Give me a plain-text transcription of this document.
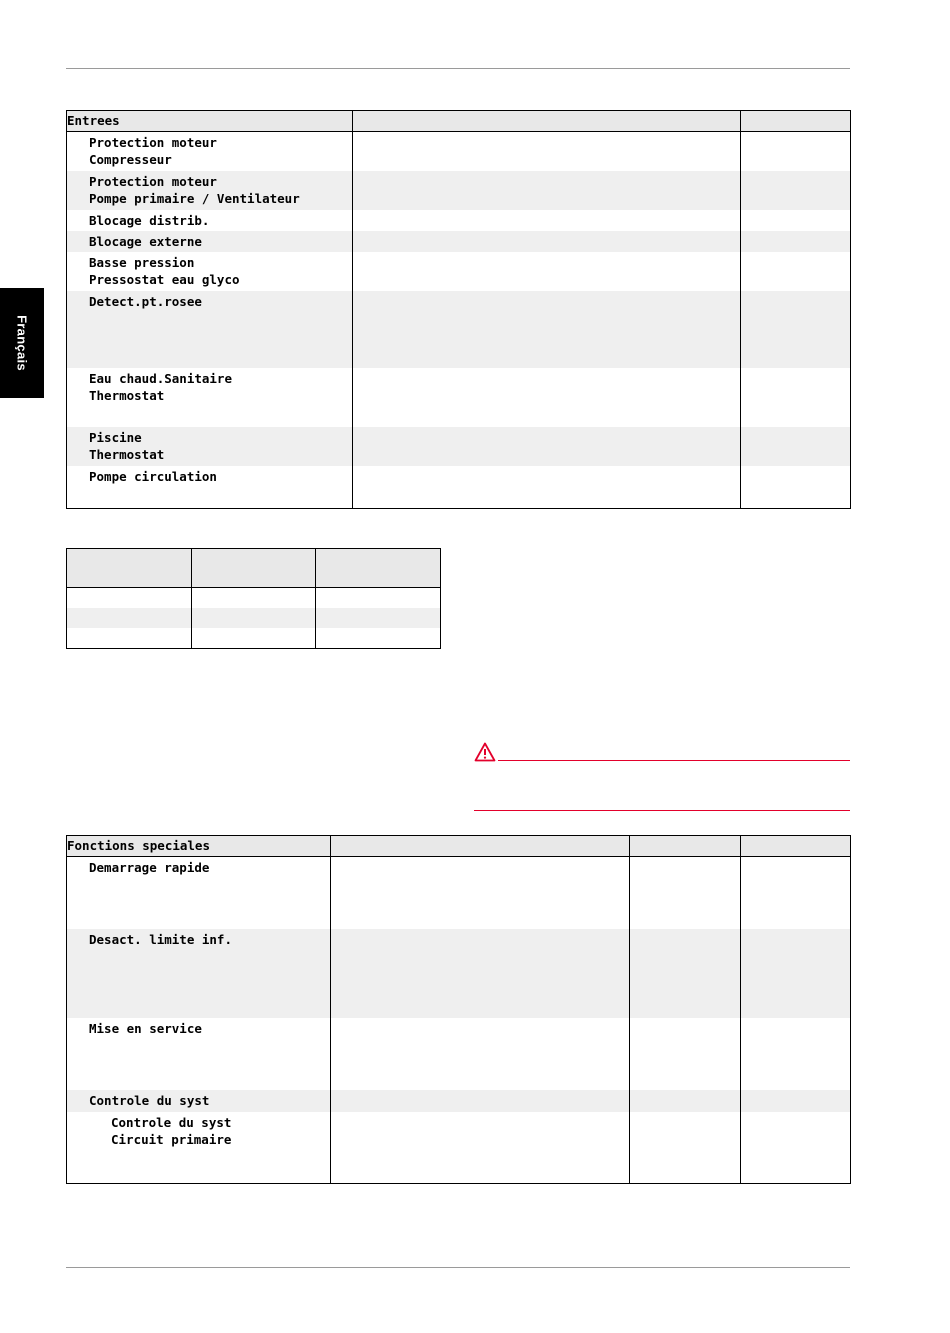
Français
Entrees		

Protection moteur
Compresseur		

Protection moteur
Pompe primaire / Ventilateur		

Blocage distrib.		

Blocage externe		

Basse pression
Pressostat eau glyco		

Detect.pt.rosee		

Eau chaud.Sanitaire
Thermostat		

Piscine
Thermostat		

Pompe circulation		

Fonctions speciales			

Demarrage rapide			

Desact. limite inf.			

Mise en service			

Controle du syst			

Controle du syst
Circuit primaire			
